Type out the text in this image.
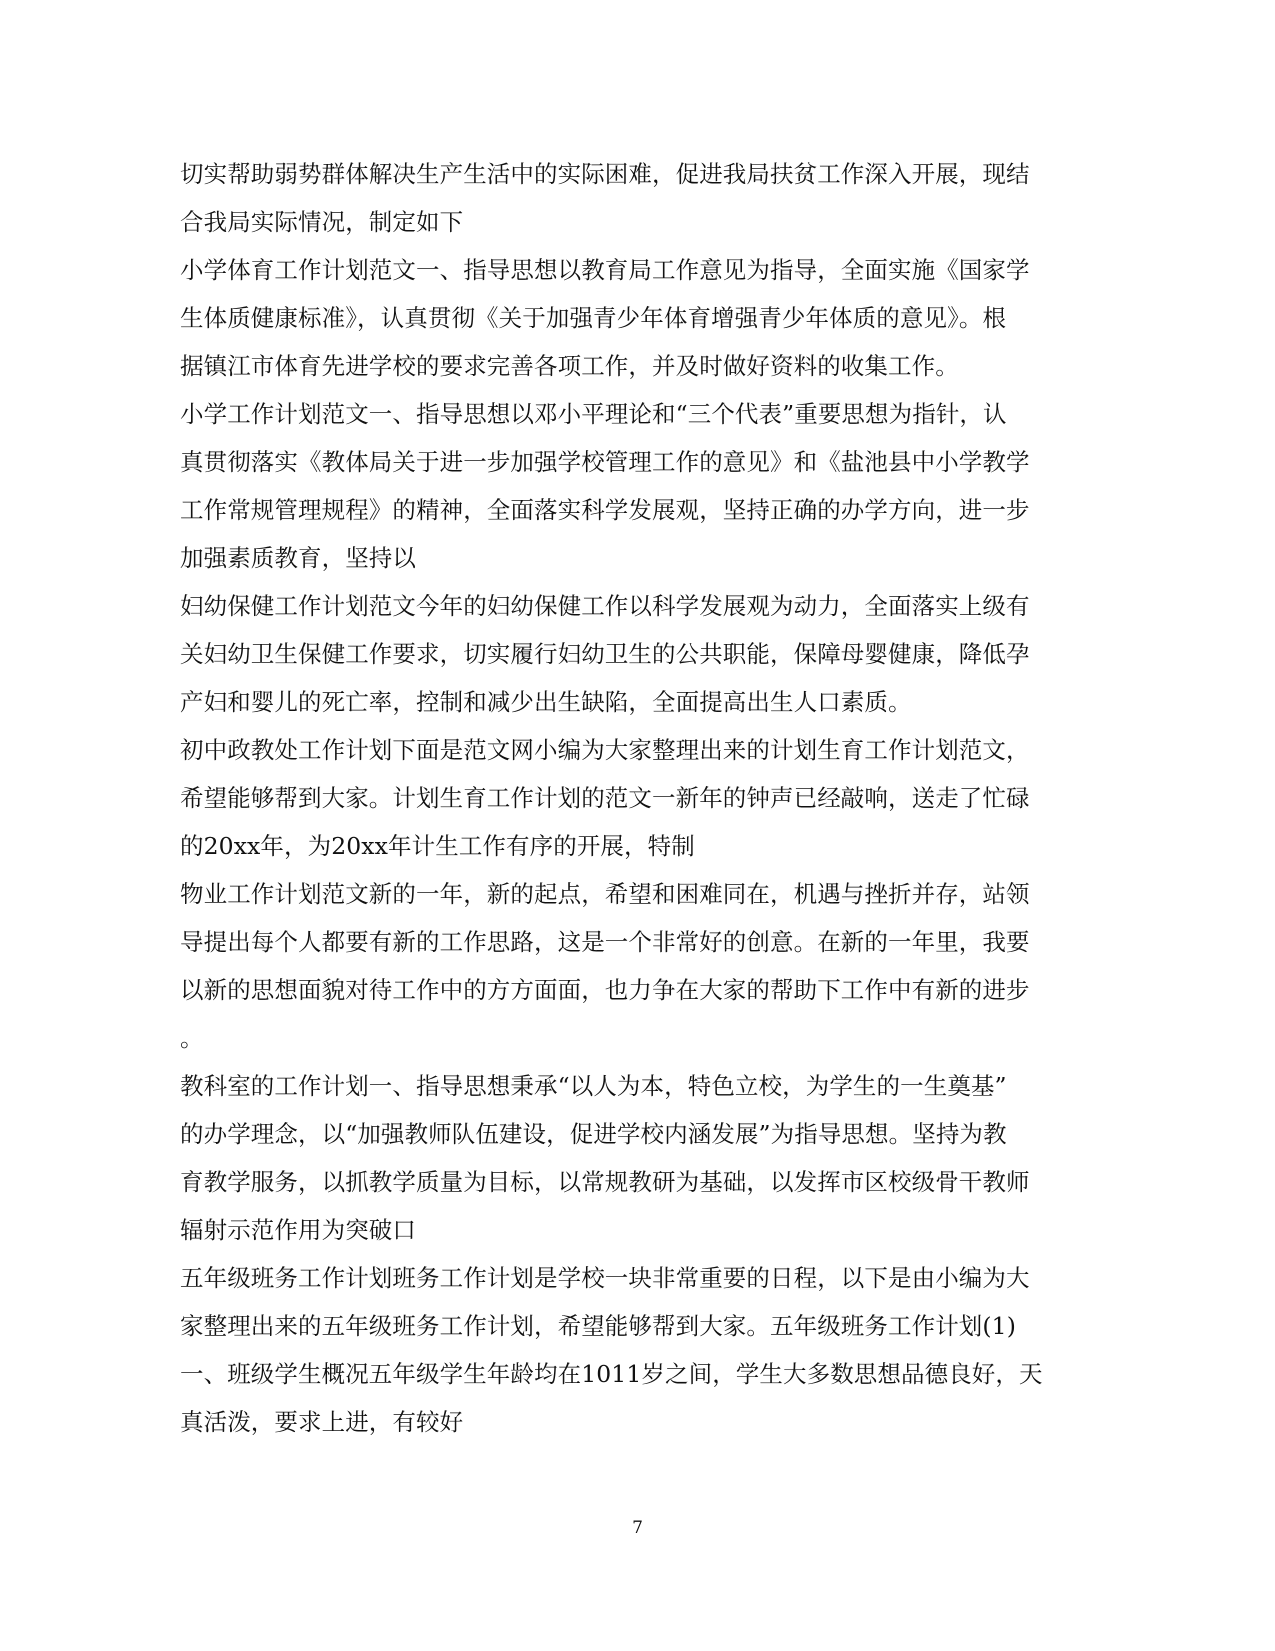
切实帮助弱势群体解决生产生活中的实际困难，促进我局扶贫工作深入开展，现结
合我局实际情况，制定如下
小学体育工作计划范文一、指导思想以教育局工作意见为指导，全面实施《国家学
生体质健康标准》，认真贯彻《关于加强青少年体育增强青少年体质的意见》。根
据镇江市体育先进学校的要求完善各项工作，并及时做好资料的收集工作。
小学工作计划范文一、指导思想以邓小平理论和“三个代表”重要思想为指针，认
真贯彻落实《教体局关于进一步加强学校管理工作的意见》和《盐池县中小学教学
工作常规管理规程》的精神，全面落实科学发展观，坚持正确的办学方向，进一步
加强素质教育，坚持以
妇幼保健工作计划范文今年的妇幼保健工作以科学发展观为动力，全面落实上级有
关妇幼卫生保健工作要求，切实履行妇幼卫生的公共职能，保障母婴健康，降低孕
产妇和婴儿的死亡率，控制和减少出生缺陷，全面提高出生人口素质。
初中政教处工作计划下面是范文网小编为大家整理出来的计划生育工作计划范文，
希望能够帮到大家。计划生育工作计划的范文一新年的钟声已经敲响，送走了忙碌
的20xx年，为20xx年计生工作有序的开展，特制
物业工作计划范文新的一年，新的起点，希望和困难同在，机遇与挫折并存，站领
导提出每个人都要有新的工作思路，这是一个非常好的创意。在新的一年里，我要
以新的思想面貌对待工作中的方方面面，也力争在大家的帮助下工作中有新的进步
。
教科室的工作计划一、指导思想秉承“以人为本，特色立校，为学生的一生奠基”
的办学理念，以“加强教师队伍建设，促进学校内涵发展”为指导思想。坚持为教
育教学服务，以抓教学质量为目标，以常规教研为基础，以发挥市区校级骨干教师
辐射示范作用为突破口
五年级班务工作计划班务工作计划是学校一块非常重要的日程，以下是由小编为大
家整理出来的五年级班务工作计划，希望能够帮到大家。五年级班务工作计划(1)
一、班级学生概况五年级学生年龄均在1011岁之间，学生大多数思想品德良好，天
真活泼，要求上进，有较好
7
